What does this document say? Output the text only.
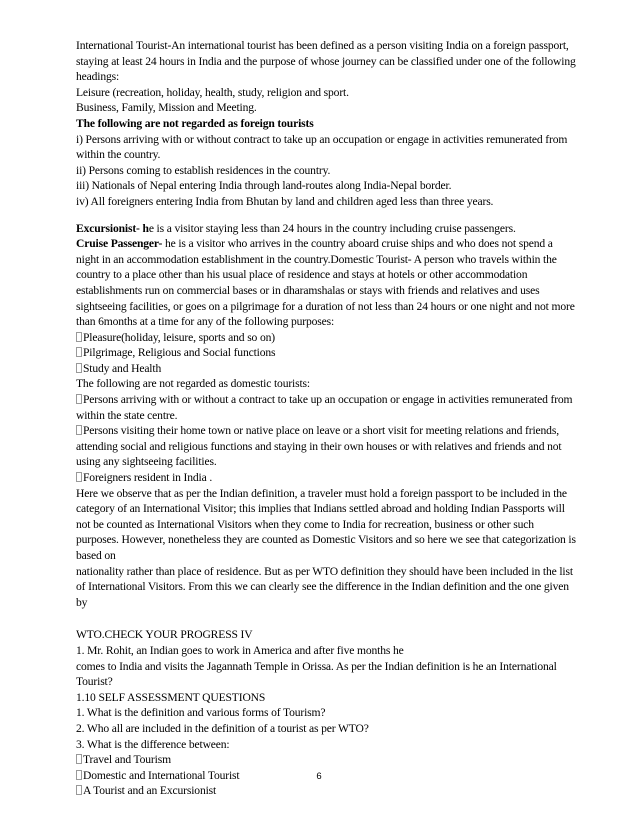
International Tourist-An international tourist has been defined as a person visiting India on a foreign passport, staying at least 24 hours in India and the purpose of whose journey can be classified under one of the following headings:

Leisure (recreation, holiday, health, study, religion and sport.

Business, Family, Mission and Meeting.

The following are not regarded as foreign tourists

i) Persons arriving with or without contract to take up an occupation or engage in activities remunerated from within the country.

ii) Persons coming to establish residences in the country.

iii) Nationals of Nepal entering India through land-routes along India-Nepal border.

iv) All foreigners entering India from Bhutan by land and children aged less than three years.

Excursionist- he is a visitor staying less than 24 hours in the country including cruise passengers.

Cruise Passenger- he is a visitor who arrives in the country aboard cruise ships and who does not spend a night in an accommodation establishment in the country.Domestic Tourist- A person who travels within the country to a place other than his usual place of residence and stays at hotels or other accommodation establishments run on commercial bases or in dharamshalas or stays with friends and relatives and uses sightseeing facilities, or goes on a pilgrimage for a duration of not less than 24 hours or one night and not more than 6months at a time for any of the following purposes:

Pleasure(holiday, leisure, sports and so on)

Pilgrimage, Religious and Social functions

Study and Health

The following are not regarded as domestic tourists:

Persons arriving with or without a contract to take up an occupation or engage in activities remunerated from within the state centre.

Persons visiting their home town or native place on leave or a short visit for meeting relations and friends, attending social and religious functions and staying in their own houses or with relatives and friends and not using any sightseeing facilities.

Foreigners resident in India .

Here we observe that as per the Indian definition, a traveler must hold a foreign passport to be included in the category of an International Visitor; this implies that Indians settled abroad and holding Indian Passports will not be counted as International Visitors when they come to India for recreation, business or other such purposes. However, nonetheless they are counted as Domestic Visitors and so here we see that categorization is based on

nationality rather than place of residence. But as per WTO definition they should have been included in the list of International Visitors. From this we can clearly see the difference in the Indian definition and the one given by

WTO.CHECK YOUR PROGRESS IV

1. Mr. Rohit, an Indian goes to work in America and after five months he

comes to India and visits the Jagannath Temple in Orissa. As per the Indian definition is he an International Tourist?

1.10 SELF ASSESSMENT QUESTIONS

1. What is the definition and various forms of Tourism?

2. Who all are included in the definition of a tourist as per WTO?

3. What is the difference between:

Travel and Tourism

Domestic and International Tourist

A Tourist and an Excursionist

6
